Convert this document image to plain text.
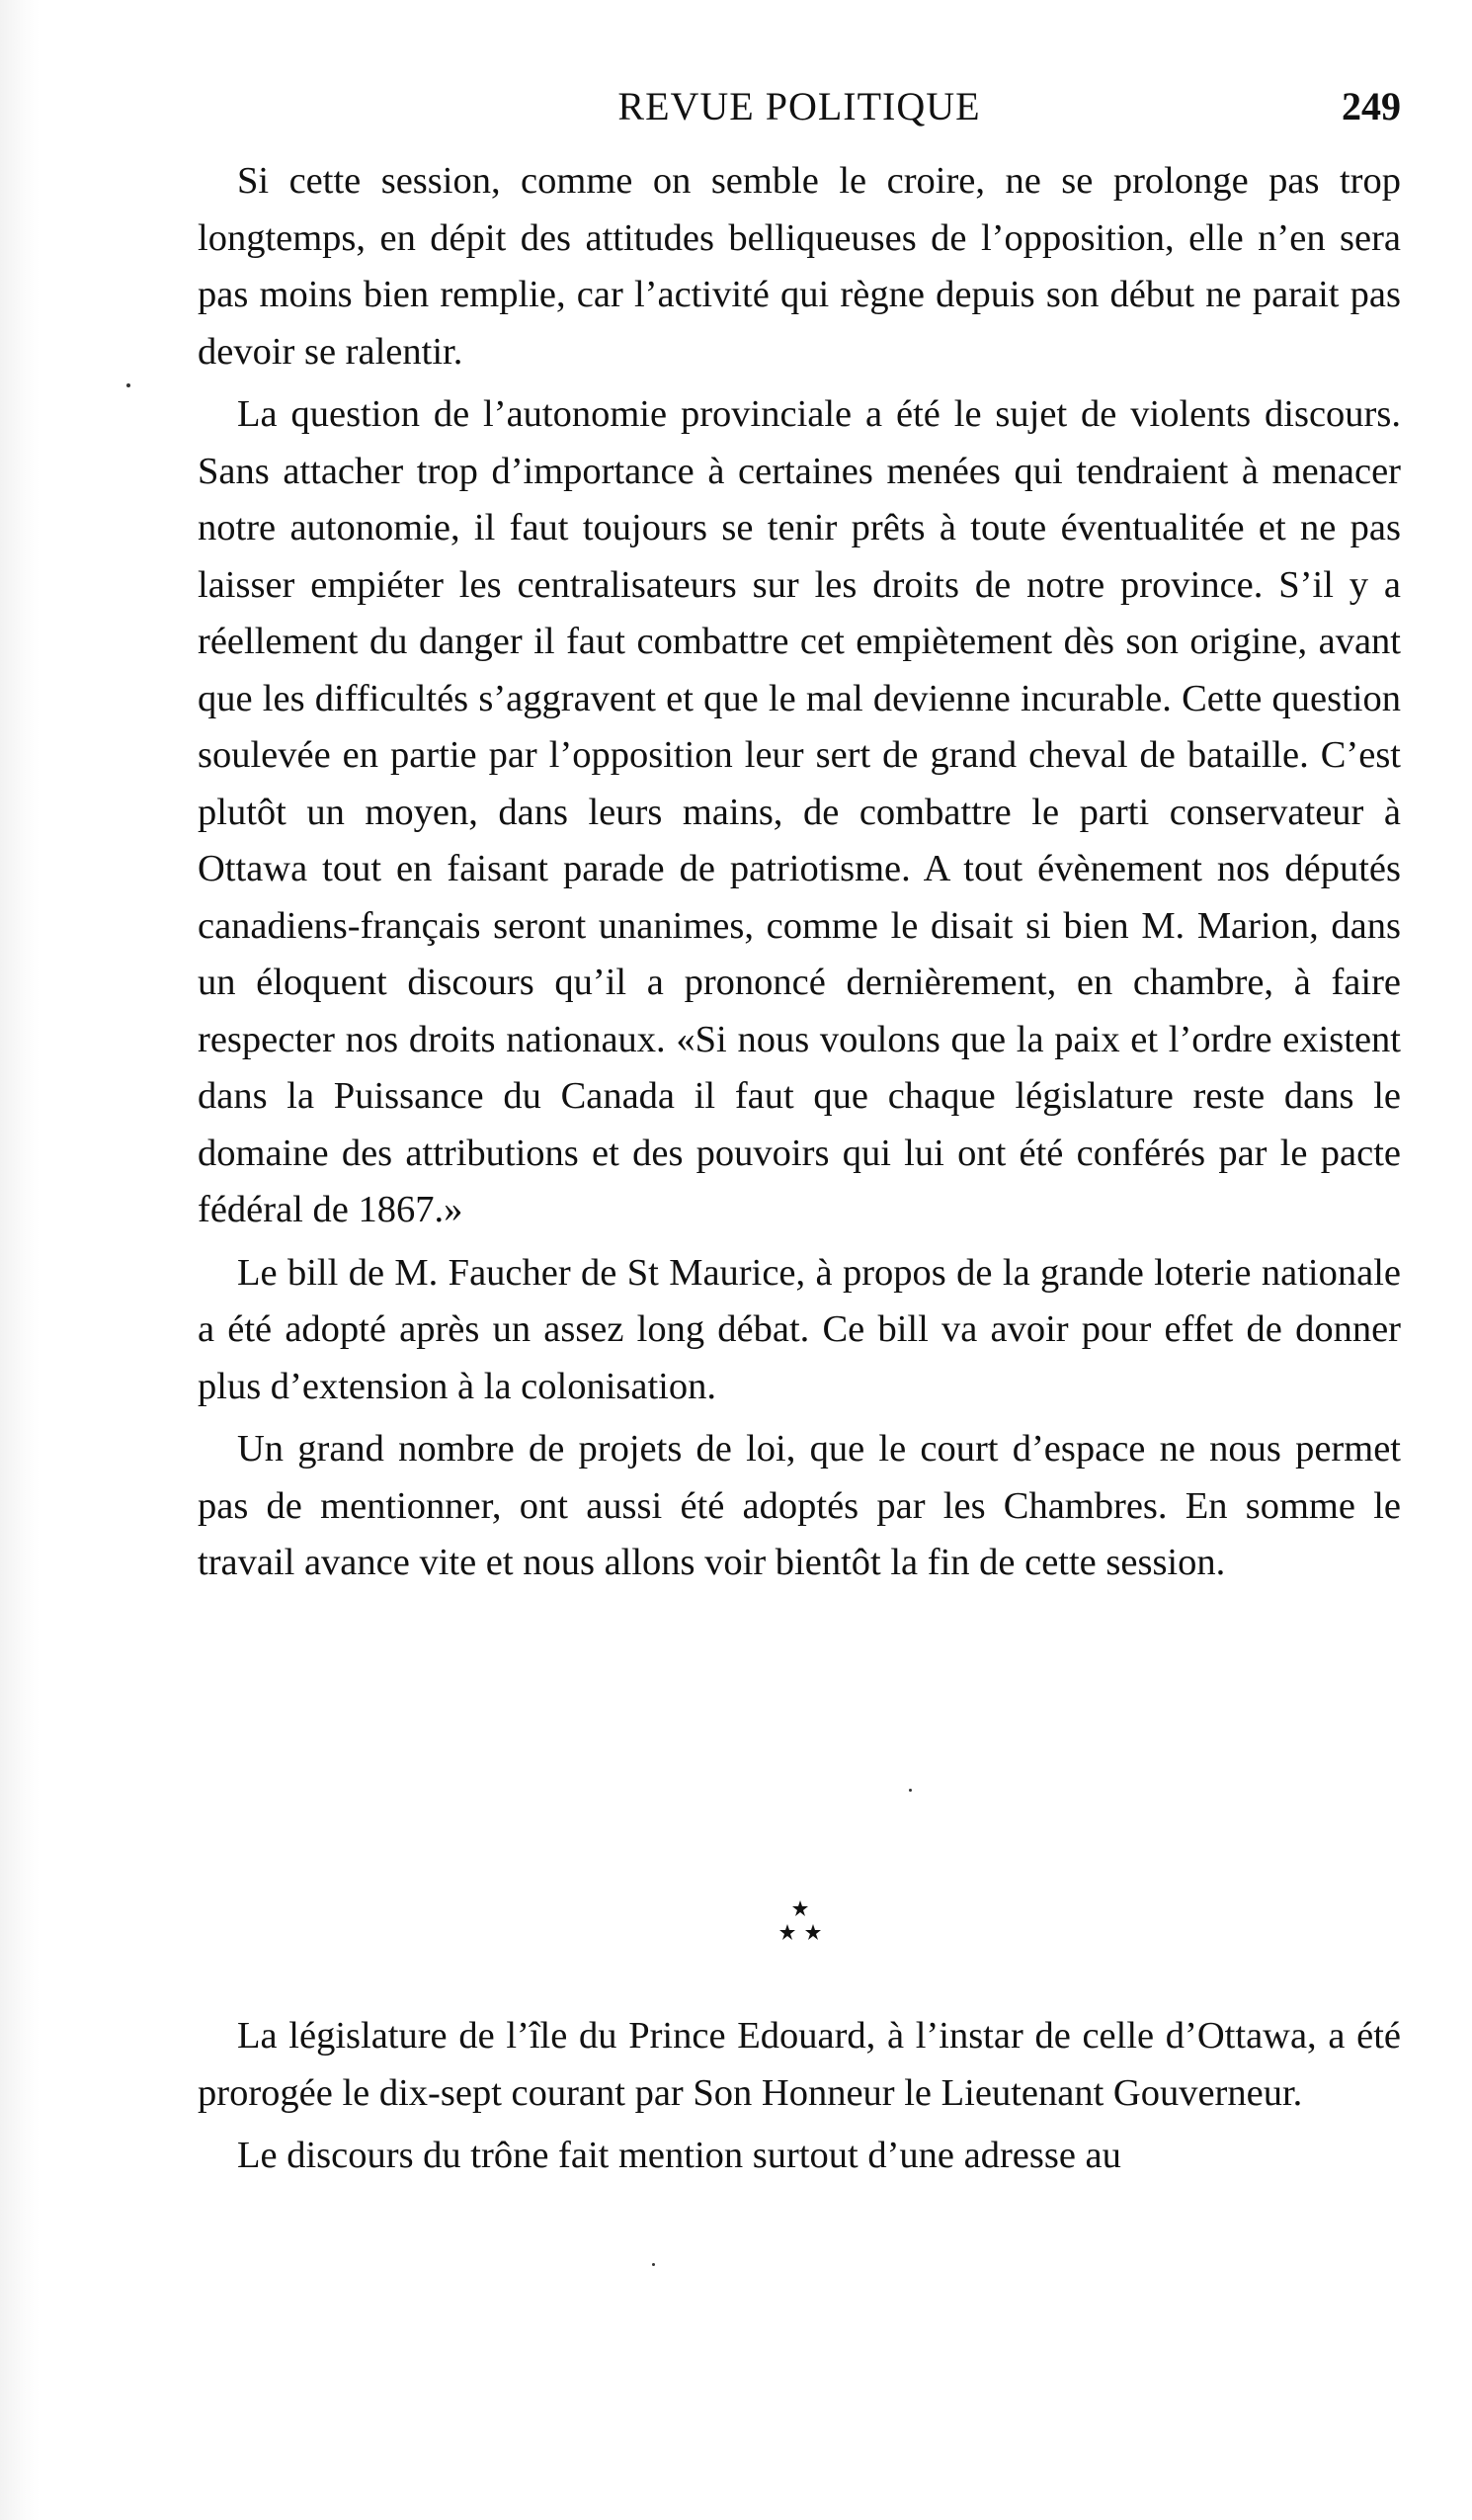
REVUE POLITIQUE	249

Si cette session, comme on semble le croire, ne se prolonge pas trop longtemps, en dépit des attitudes belliqueuses de l’opposition, elle n’en sera pas moins bien remplie, car l’activité qui règne depuis son début ne parait pas devoir se ralentir.

La question de l’autonomie provinciale a été le sujet de violents discours. Sans attacher trop d’importance à certaines menées qui tendraient à menacer notre autonomie, il faut toujours se tenir prêts à toute éventualitée et ne pas laisser empiéter les centralisateurs sur les droits de notre province. S’il y a réellement du danger il faut combattre cet empiètement dès son origine, avant que les difficultés s’aggravent et que le mal devienne incurable. Cette question soulevée en partie par l’opposition leur sert de grand cheval de bataille. C’est plutôt un moyen, dans leurs mains, de combattre le parti conservateur à Ottawa tout en faisant parade de patriotisme. A tout évènement nos députés canadiens-français seront unanimes, comme le disait si bien M. Marion, dans un éloquent discours qu’il a prononcé dernièrement, en chambre, à faire respecter nos droits nationaux. «Si nous voulons que la paix et l’ordre existent dans la Puissance du Canada il faut que chaque législature reste dans le domaine des attributions et des pouvoirs qui lui ont été conférés par le pacte fédéral de 1867.»

Le bill de M. Faucher de St Maurice, à propos de la grande loterie nationale a été adopté après un assez long débat. Ce bill va avoir pour effet de donner plus d’extension à la colonisation.

Un grand nombre de projets de loi, que le court d’espace ne nous permet pas de mentionner, ont aussi été adoptés par les Chambres. En somme le travail avance vite et nous allons voir bientôt la fin de cette session.

La législature de l’île du Prince Edouard, à l’instar de celle d’Ottawa, a été prorogée le dix-sept courant par Son Honneur le Lieutenant Gouverneur.

Le discours du trône fait mention surtout d’une adresse au
